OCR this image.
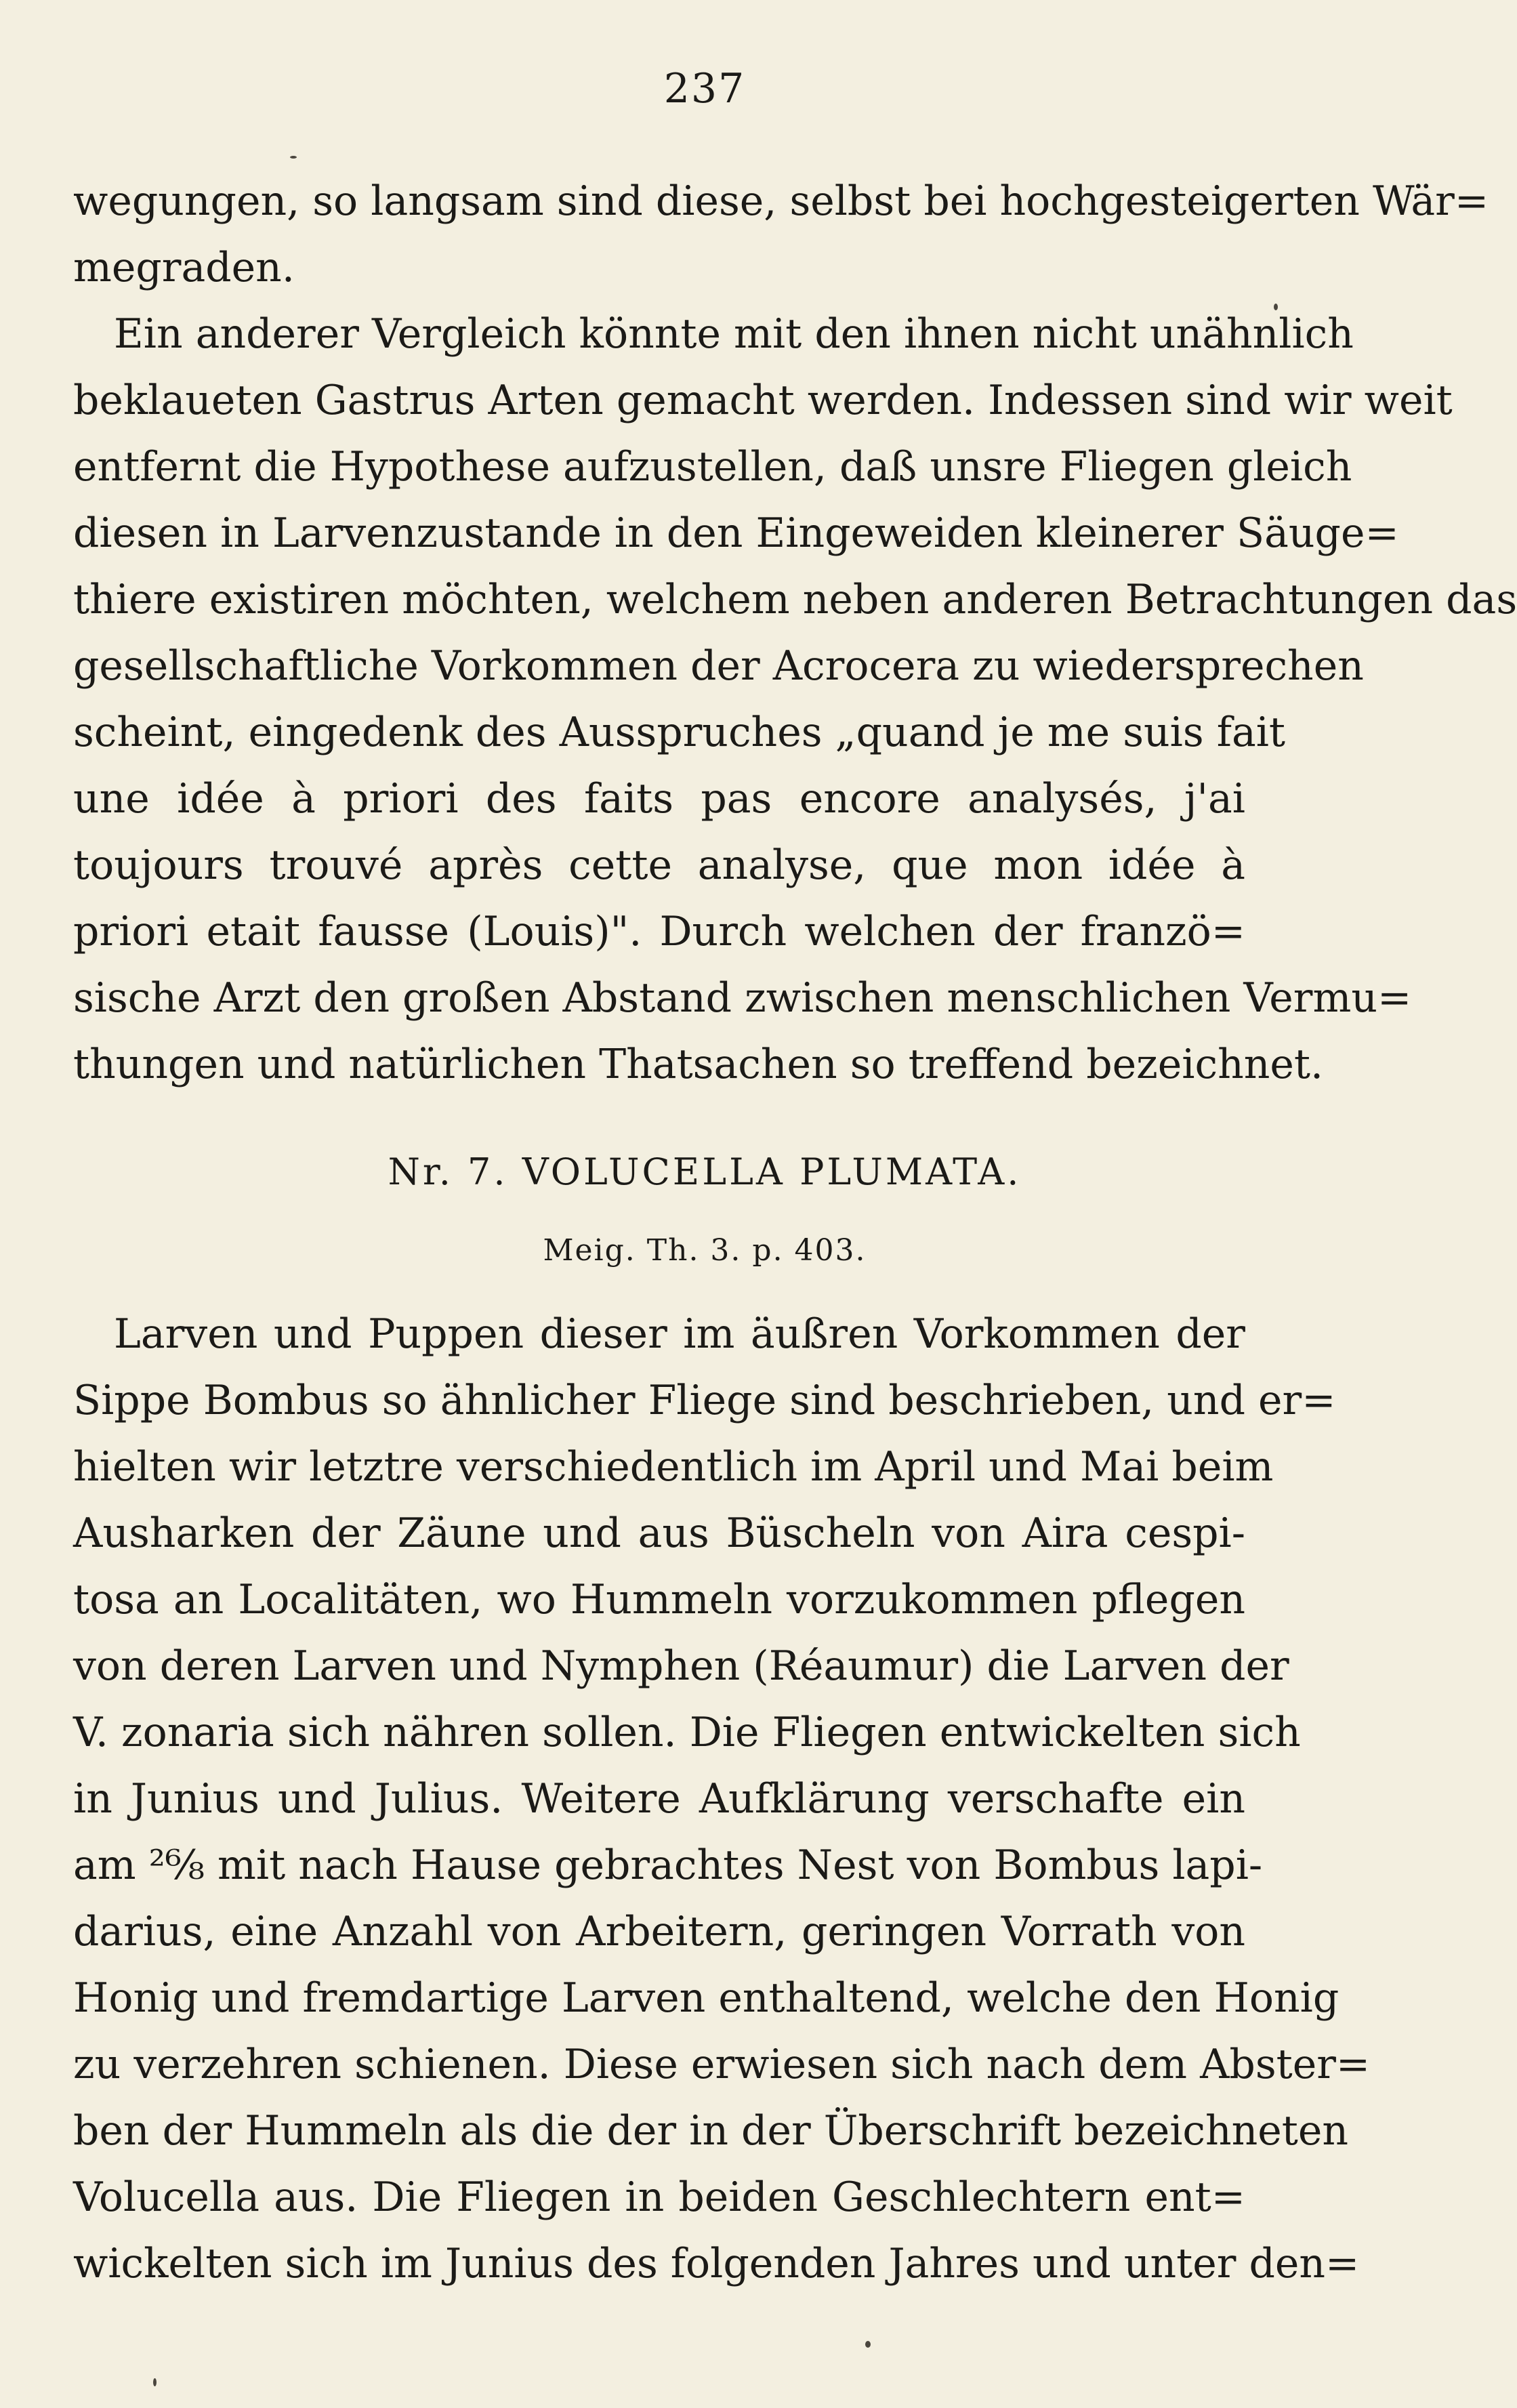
237
wegungen, so langsam sind diese, selbst bei hochgesteigerten Wär=
megraden.
Ein anderer Vergleich könnte mit den ihnen nicht unähnlich
beklaueten Gastrus Arten gemacht werden. Indessen sind wir weit
entfernt die Hypothese aufzustellen, daß unsre Fliegen gleich
diesen in Larvenzustande in den Eingeweiden kleinerer Säuge=
thiere existiren möchten, welchem neben anderen Betrachtungen das
gesellschaftliche Vorkommen der Acrocera zu wiedersprechen
scheint, eingedenk des Ausspruches „quand je me suis fait
une idée à priori des faits pas encore analysés, j'ai
toujours trouvé après cette analyse, que mon idée à
priori etait fausse (Louis)". Durch welchen der franzö=
sische Arzt den großen Abstand zwischen menschlichen Vermu=
thungen und natürlichen Thatsachen so treffend bezeichnet.
Nr. 7. VOLUCELLA PLUMATA.
Meig. Th. 3. p. 403.
Larven und Puppen dieser im äußren Vorkommen der
Sippe Bombus so ähnlicher Fliege sind beschrieben, und er=
hielten wir letztre verschiedentlich im April und Mai beim
Ausharken der Zäune und aus Büscheln von Aira cespi-
tosa an Localitäten, wo Hummeln vorzukommen pflegen
von deren Larven und Nymphen (Réaumur) die Larven der
V. zonaria sich nähren sollen. Die Fliegen entwickelten sich
in Junius und Julius. Weitere Aufklärung verschafte ein
am ²⁶⁄₈ mit nach Hause gebrachtes Nest von Bombus lapi-
darius, eine Anzahl von Arbeitern, geringen Vorrath von
Honig und fremdartige Larven enthaltend, welche den Honig
zu verzehren schienen. Diese erwiesen sich nach dem Abster=
ben der Hummeln als die der in der Überschrift bezeichneten
Volucella aus. Die Fliegen in beiden Geschlechtern ent=
wickelten sich im Junius des folgenden Jahres und unter den=
